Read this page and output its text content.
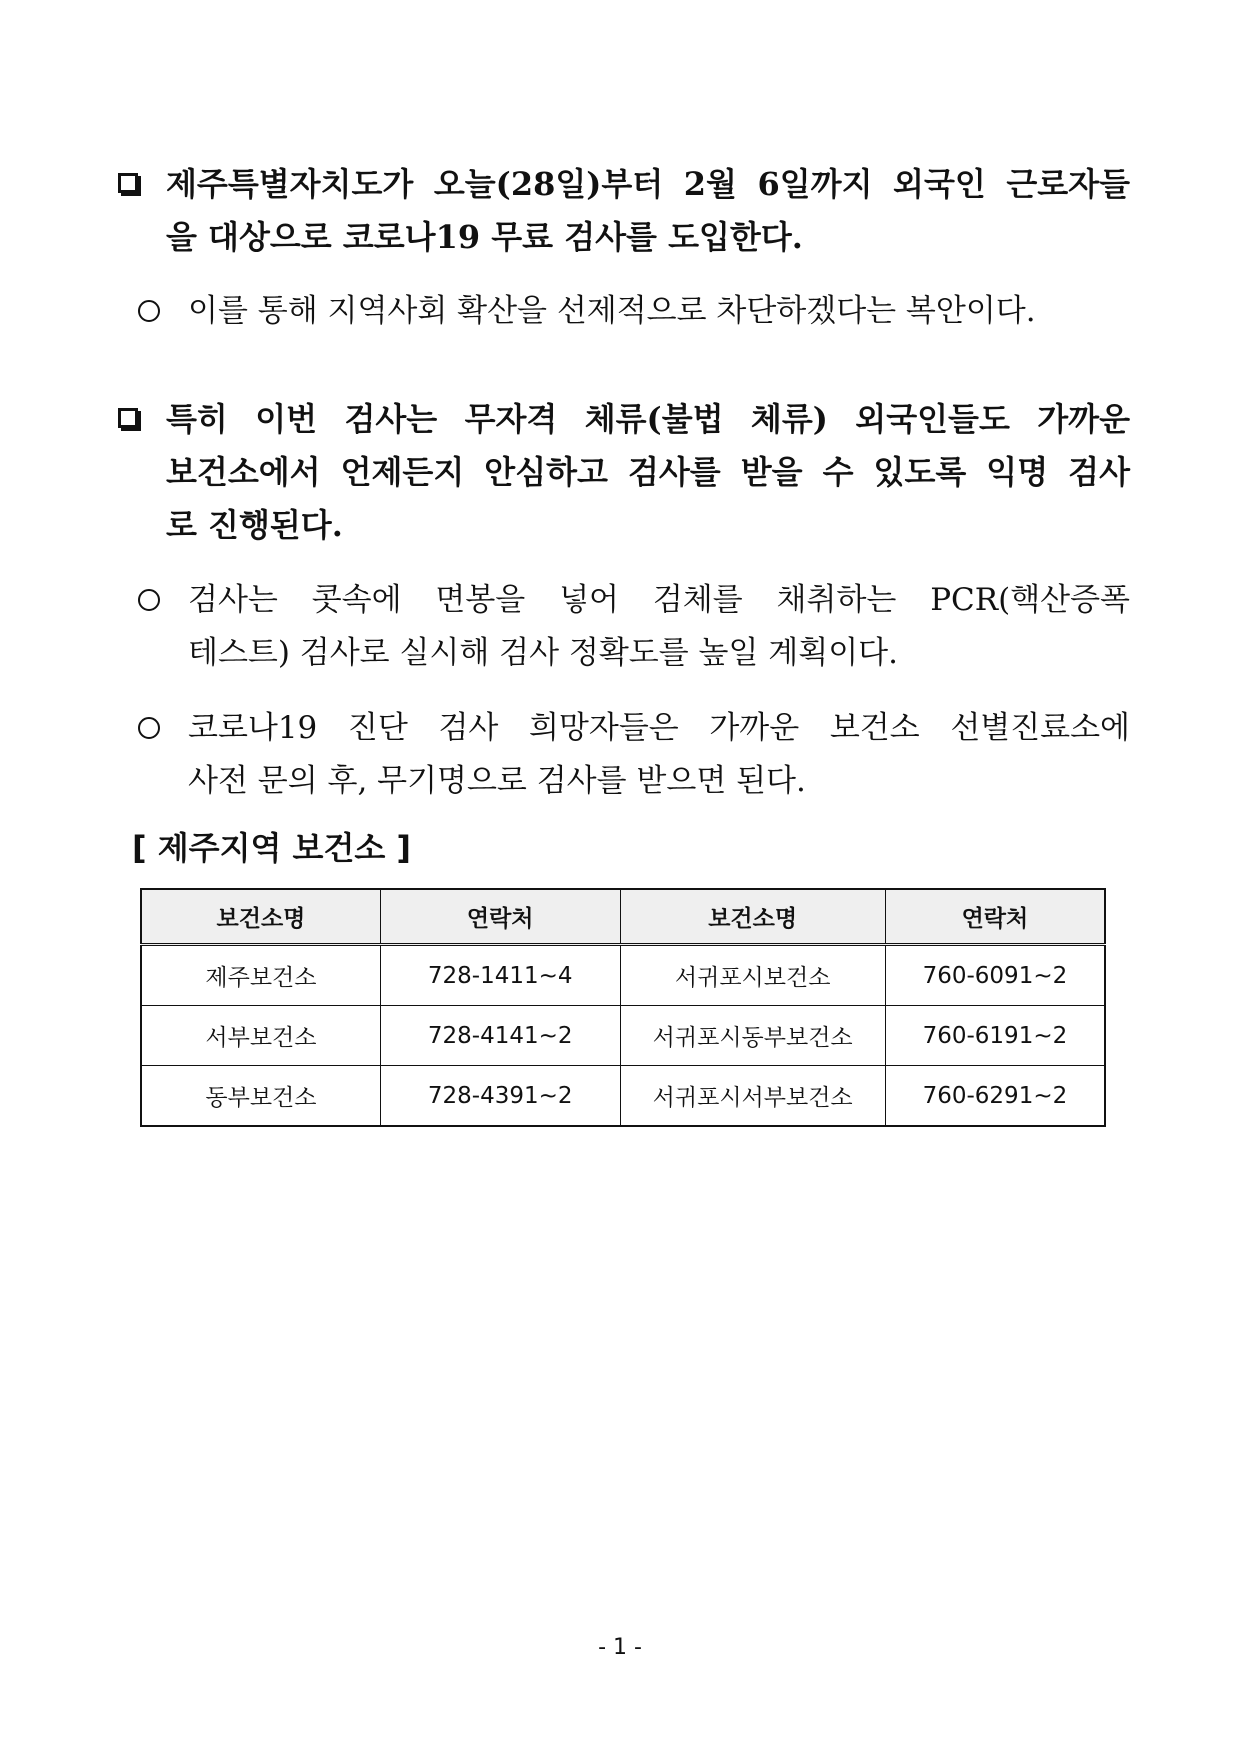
제주특별자치도가 오늘(28일)부터 2월 6일까지 외국인 근로자들
을 대상으로 코로나19 무료 검사를 도입한다.
이를 통해 지역사회 확산을 선제적으로 차단하겠다는 복안이다.
특히 이번 검사는 무자격 체류(불법 체류) 외국인들도 가까운
보건소에서 언제든지 안심하고 검사를 받을 수 있도록 익명 검사
로 진행된다.
검사는 콧속에 면봉을 넣어 검체를 채취하는 PCR(핵산증폭
테스트) 검사로 실시해 검사 정확도를 높일 계획이다.
코로나19 진단 검사 희망자들은 가까운 보건소 선별진료소에
사전 문의 후, 무기명으로 검사를 받으면 된다.
[ 제주지역 보건소 ]
보건소명	연락처	보건소명	연락처
제주보건소	728-1411~4	서귀포시보건소	760-6091~2
서부보건소	728-4141~2	서귀포시동부보건소	760-6191~2
동부보건소	728-4391~2	서귀포시서부보건소	760-6291~2
- 1 -
